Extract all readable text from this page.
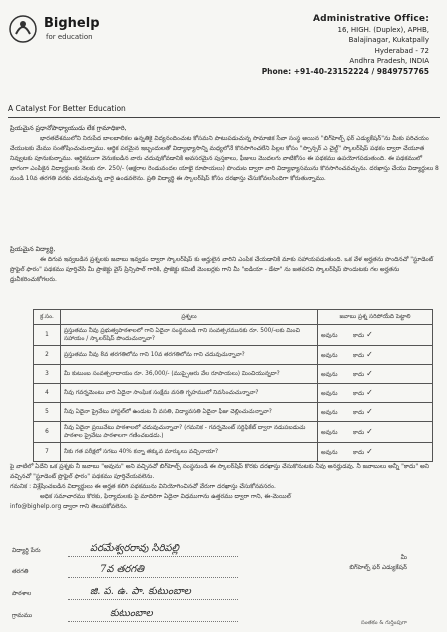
Bighelp
for education
Administrative Office:
16, HIGH. (Duplex), APHB,
Balajinagar, Kukatpally
Hyderabad - 72
Andhra Pradesh, INDIA
Phone: +91-40-23152224 / 9849757765
A Catalyst For Better Education

ప్రియమైన ప్రధానోపాధ్యాయుడు లేక గ్రామాధికారి,

భారతదేశములోని నిరుపేద బాలబాలికల ఉన్నతికై విద్యనందించుట కోసమని పాటుపడుచున్న సామాజిక సేవా సంస్థ అయిన "బిగ్‌హెల్ప్ ఫర్ ఎడ్యుకేషన్"ను మీకు పరిచయం చేయుటకు మేము సంతోషించుచున్నాము. ఆర్థిక పరమైన ఇబ్బందులతో విద్యాభ్యాసాన్ని మధ్యలోనే కొనసాగించలేని పిల్లల కోసం "స్పాన్సర్ ఎ చైల్డ్" స్కాలర్‌షిప్ పథకం ద్వారా చేయూత నివ్వుటకు పూనుకున్నాము. ఆర్థికముగా వెనుకబడిన వారు చదువుకోవడానికి అవసరమైన పుస్తకాలు, ఫీజులు మొదలగు వాటికోసం ఈ పథకము ఉపయోగపడుతుంది. ఈ పథకములో భాగంగా ఎంపికైన విద్యార్థులకు నెలకు రూ. 250/- (అక్షరాల రెండువందల యాభై రూపాయలు) పొందుట ద్వారా వారి విద్యాభ్యాసమును కొనసాగించవచ్చును. దరఖాస్తు చేయు విద్యార్థులు 8 నుండి 10వ తరగతి వరకు చదువుచున్న వారై ఉండవలెను. ప్రతి విద్యార్థి ఈ స్కాలర్‌షిప్ కోసం దరఖాస్తు చేసుకోవలసిందిగా కోరుతున్నాము.

ప్రియమైన విద్యార్థి,

ఈ దిగువ ఇవ్వబడిన ప్రశ్నలకు జవాబు ఇవ్వడం ద్వారా స్కాలర్‌షిప్ కు అర్హులైన వారిని ఎంపిక చేయడానికి మాకు సహాయపడుతుంది. ఒక వేళ అర్హతను పొందినచో "స్టూడెంట్ ప్రొఫైల్ ఫారం" పథకము పూర్తిచేసి మీ ప్రాజెక్టు వైస్ ప్రిన్సిపాల్ గారికి, ప్రాజెక్టు కమిటీ మెంబర్లకు గాని మీ "ఐడియా - డేటా" ను జతపరచి స్కాలర్‌షిప్ పొందుటకు గల అర్హతను ధ్రువీకరించుకోగలరు.

క్ర.సం.	ప్రశ్నలు	జవాబు ప్రశ్న సరిపోయేది పెట్టాలి
1	ప్రస్తుతము నీవు ప్రభుత్వపాఠశాలలో గాని ఏదైనా సంస్థనుండి గాని సంవత్సరమునకు రూ. 500/-లకు మించి సహాయం / స్కాలర్‌షిప్ పొందుచున్నావా?	అవును కాదు ✓
2	ప్రస్తుతము నీవు 8వ తరగతిలోను గాని 10వ తరగతిలోను గాని చదువుచున్నావా?	అవును కాదు ✓
3	మీ కుటుంబ సంవత్సరాదాయం రూ. 36,000/- (ముప్పైఆరు వేల రూపాయలు) మించియున్నదా?	అవును కాదు ✓
4	నీవు గవర్నమెంటు వారి ఏదైనా సాంఘిక సంక్షేమ వసతి గృహములో నివసించుచున్నావా?	అవును కాదు ✓
5	నీవు ఏదైనా ప్రైవేటు హాస్టల్‌లో ఉండుట నీ వసతి, విద్యావసతి ఏదైనా ఫీజు చెల్లించుచున్నావా?	అవును కాదు ✓
6	నీవు ఏదైనా ప్రయివేటు పాఠశాలలో చదువుచున్నావా? (గమనిక - గవర్నమెంట్ సర్టిఫికేట్ ద్వారా నడుపబడుచు పాఠశాల ప్రైవేటు పాఠశాలగా గణించబడదు.)	అవును కాదు ✓
7	నీకు గత పరీక్షలో సగటు 40% కన్నా తక్కువ మార్కులు వచ్చినాయా?	అవును కాదు ✓
పై వాటిలో ఏదేని ఒక ప్రశ్నకు నీ జవాబు "అవును" అని వచ్చినచో బిగ్‌హెల్ప్ సంస్థనుండి ఈ స్కాలర్‌షిప్ కొరకు దరఖాస్తు చేసుకొనుటకు నీవు అనర్హుడవు. నీ జవాబులు అన్నీ "కాదు" అని వచ్చినచో "స్టూడెంట్ ప్రొఫైల్ ఫారం" పథకము పూర్తిచేయవలెను.
గమనిక : విశ్లేషించబడిన విద్యార్థులు ఈ అర్హత కలిగి పథకమును వినియోగించినచో వేరుగా దరఖాస్తు చేసుకోనవసరం.
అధిక సమాచారము కొరకు, ఫిర్యాదులకు పై మాదిరిగా ఏదైనా విధముగాను ఉత్తరము ద్వారా గాని, ఈ-మెయిల్
info@bighelp.org ద్వారా గాని తెలుపకోవలెను.
విద్యార్థి పేరు	పరమేశ్వరరావు సిరిపల్లి
తరగతి	7వ తరగతి
పాఠశాల	జి. ప. ఉ. పా. కుటుంబాల
గ్రామము	కుటుంబాల
మీ
బిగ్‌హెల్ప్ ఫర్ ఎడ్యుకేషన్
సంతకం & గుర్తింపుగా
